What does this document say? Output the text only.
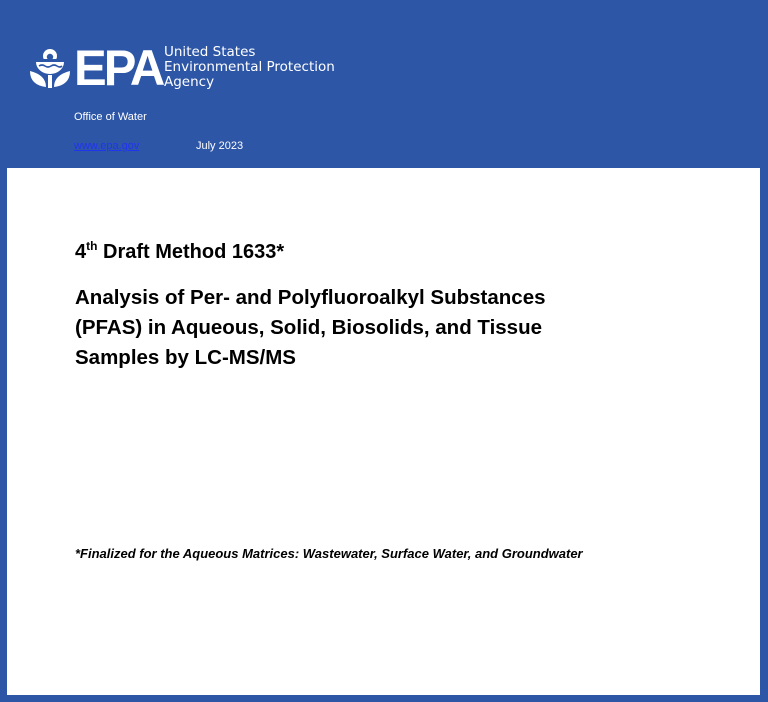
EPA United States
Environmental Protection
Agency
Office of Water
www.epa.gov	July 2023
4th Draft Method 1633*
Analysis of Per- and Polyfluoroalkyl Substances
(PFAS) in Aqueous, Solid, Biosolids, and Tissue
Samples by LC-MS/MS
*Finalized for the Aqueous Matrices: Wastewater, Surface Water, and Groundwater
